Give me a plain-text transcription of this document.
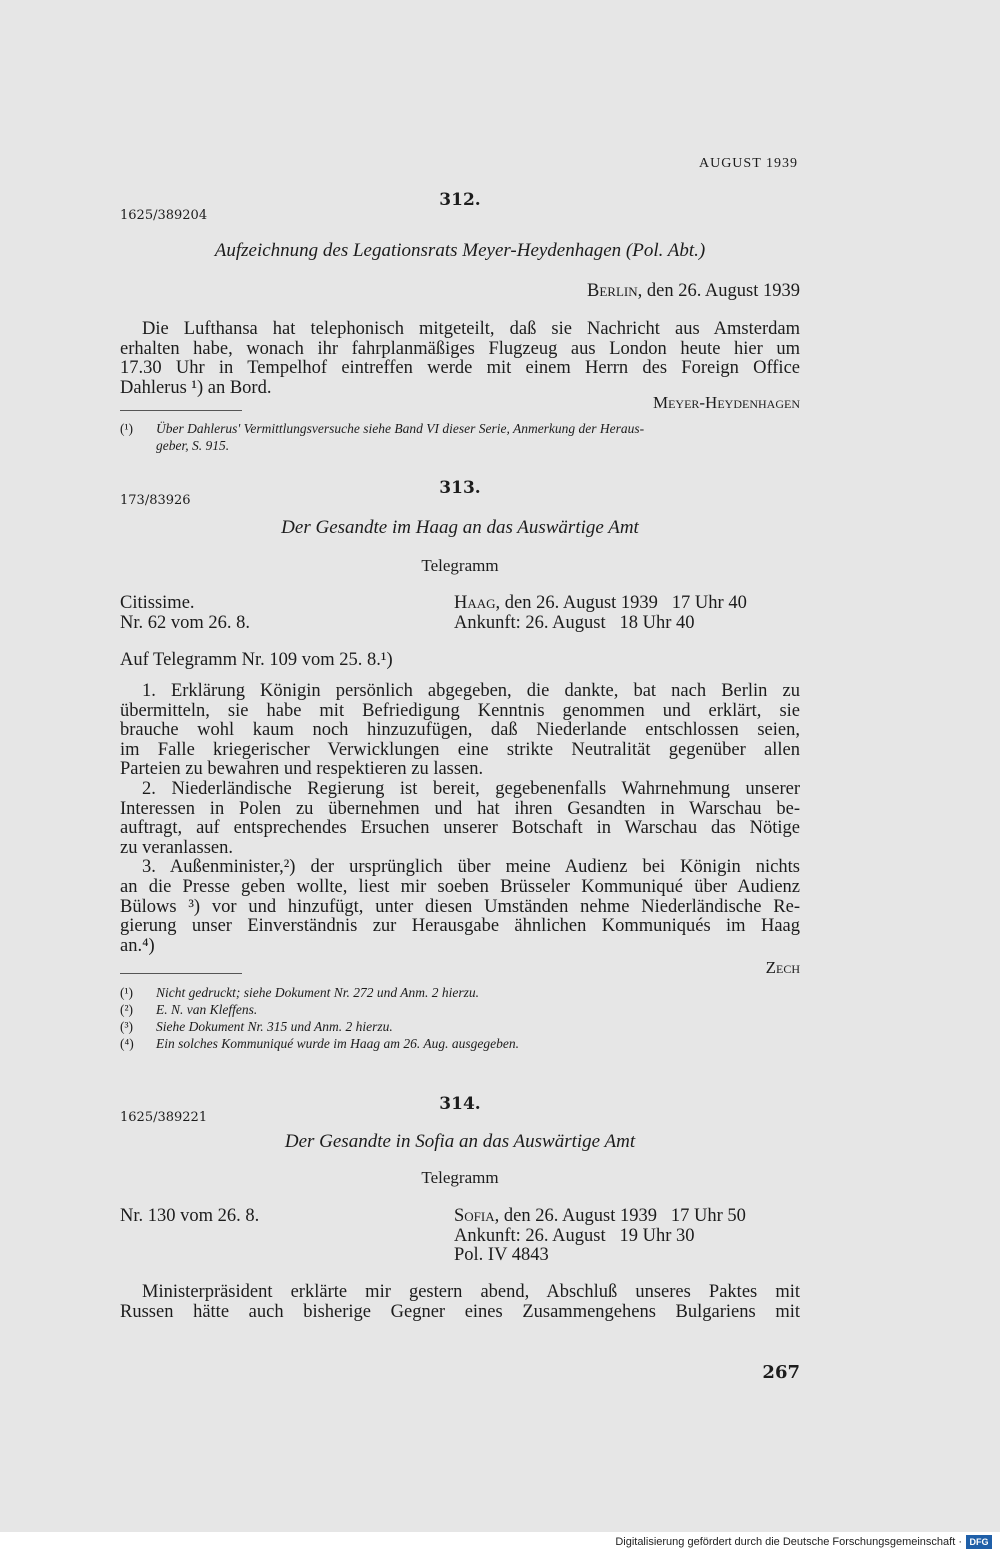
AUGUST 1939
312.
1625/389204
Aufzeichnung des Legationsrats Meyer-Heydenhagen (Pol. Abt.)
Berlin, den 26. August 1939

Die Lufthansa hat telephonisch mitgeteilt, daß sie Nachricht aus Amsterdam

erhalten habe, wonach ihr fahrplanmäßiges Flugzeug aus London heute hier um

17.30 Uhr in Tempelhof eintreffen werde mit einem Herrn des Foreign Office

Dahlerus ¹) an Bord.

Meyer-Heydenhagen
(¹) Über Dahlerus' Vermittlungsversuche siehe Band VI dieser Serie, Anmerkung der Heraus-
geber, S. 915.
313.
173/83926
Der Gesandte im Haag an das Auswärtige Amt
Telegramm
Citissime.
Nr. 62 vom 26. 8.
Haag, den 26. August 1939   17 Uhr 40
Ankunft: 26. August   18 Uhr 40
Auf Telegramm Nr. 109 vom 25. 8.¹)

1. Erklärung Königin persönlich abgegeben, die dankte, bat nach Berlin zu

übermitteln, sie habe mit Befriedigung Kenntnis genommen und erklärt, sie

brauche wohl kaum noch hinzuzufügen, daß Niederlande entschlossen seien,

im Falle kriegerischer Verwicklungen eine strikte Neutralität gegenüber allen

Parteien zu bewahren und respektieren zu lassen.

2. Niederländische Regierung ist bereit, gegebenenfalls Wahrnehmung unserer

Interessen in Polen zu übernehmen und hat ihren Gesandten in Warschau be-

auftragt, auf entsprechendes Ersuchen unserer Botschaft in Warschau das Nötige

zu veranlassen.

3. Außenminister,²) der ursprünglich über meine Audienz bei Königin nichts

an die Presse geben wollte, liest mir soeben Brüsseler Kommuniqué über Audienz

Bülows ³) vor und hinzufügt, unter diesen Umständen nehme Niederländische Re-

gierung unser Einverständnis zur Herausgabe ähnlichen Kommuniqués im Haag

an.⁴)

Zech
(¹) Nicht gedruckt; siehe Dokument Nr. 272 und Anm. 2 hierzu.
(²) E. N. van Kleffens.
(³) Siehe Dokument Nr. 315 und Anm. 2 hierzu.
(⁴) Ein solches Kommuniqué wurde im Haag am 26. Aug. ausgegeben.
314.
1625/389221
Der Gesandte in Sofia an das Auswärtige Amt
Telegramm
Nr. 130 vom 26. 8.	Sofia, den 26. August 1939   17 Uhr 50
Ankunft: 26. August   19 Uhr 30
Pol. IV 4843

Ministerpräsident erklärte mir gestern abend, Abschluß unseres Paktes mit

Russen hätte auch bisherige Gegner eines Zusammengehens Bulgariens mit

267
Digitalisierung gefördert durch die Deutsche Forschungsgemeinschaft · DFG
